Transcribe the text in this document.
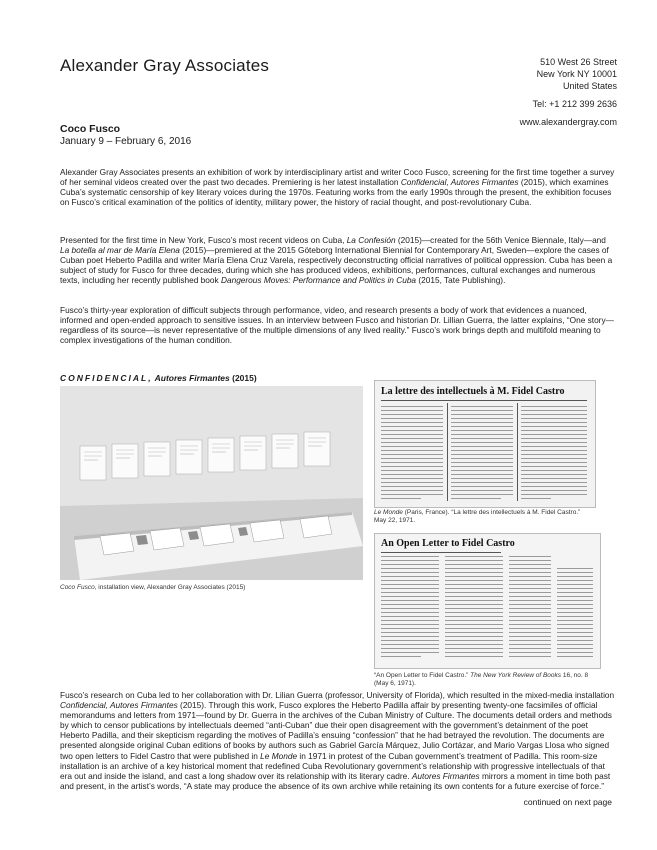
Alexander Gray Associates	510 West 26 Street
New York NY 10001
United States
Tel: +1 212 399 2636
www.alexandergray.com
Coco Fusco
January 9 – February 6, 2016

Alexander Gray Associates presents an exhibition of work by interdisciplinary artist and writer Coco Fusco, screening for the first time together a survey of her seminal videos created over the past two decades. Premiering is her latest installation Confidencial, Autores Firmantes (2015), which examines Cuba’s systematic censorship of key literary voices during the 1970s. Featuring works from the early 1990s through the present, the exhibition focuses on Fusco’s critical examination of the politics of identity, military power, the history of racial thought, and post-revolutionary Cuba.

Presented for the first time in New York, Fusco’s most recent videos on Cuba, La Confesión (2015)—created for the 56th Venice Biennale, Italy—and La botella al mar de María Elena (2015)—premiered at the 2015 Göteborg International Biennial for Contemporary Art, Sweden—explore the cases of Cuban poet Heberto Padilla and writer María Elena Cruz Varela, respectively deconstructing official narratives of political oppression. Cuba has been a subject of study for Fusco for three decades, during which she has produced videos, exhibitions, performances, cultural exchanges and numerous texts, including her recently published book Dangerous Moves: Performance and Politics in Cuba (2015, Tate Publishing).

Fusco’s thirty-year exploration of difficult subjects through performance, video, and research presents a body of work that evidences a nuanced, informed and open-ended approach to sensitive issues. In an interview between Fusco and historian Dr. Lillian Guerra, the latter explains, “One story—regardless of its source—is never representative of the multiple dimensions of any lived reality.” Fusco’s work brings depth and multifold meaning to complex investigations of the human condition.

CONFIDENCIAL, Autores Firmantes (2015)
Coco Fusco, installation view, Alexander Gray Associates (2015)
La lettre des intellectuels à M. Fidel Castro
Le Monde (Paris, France). “La lettre des intellectuels à M. Fidel Castro.” May 22, 1971.
An Open Letter to Fidel Castro
“An Open Letter to Fidel Castro.” The New York Review of Books 16, no. 8 (May 6, 1971).

Fusco’s research on Cuba led to her collaboration with Dr. Lilian Guerra (professor, University of Florida), which resulted in the mixed-media installation Confidencial, Autores Firmantes (2015). Through this work, Fusco explores the Heberto Padilla affair by presenting twenty-one facsimiles of official memorandums and letters from 1971—found by Dr. Guerra in the archives of the Cuban Ministry of Culture. The documents detail orders and methods by which to censor publications by intellectuals deemed “anti-Cuban” due their open disagreement with the government’s detainment of the poet Heberto Padilla, and their skepticism regarding the motives of Padilla’s ensuing “confession” that he had betrayed the revolution. The documents are presented alongside original Cuban editions of books by authors such as Gabriel García Márquez, Julio Cortázar, and Mario Vargas Llosa who signed two open letters to Fidel Castro that were published in Le Monde in 1971 in protest of the Cuban government’s treatment of Padilla. This room-size installation is an archive of a key historical moment that redefined Cuba Revolutionary government’s relationship with progressive intellectuals of that era out and inside the island, and cast a long shadow over its relationship with its literary cadre. Autores Firmantes mirrors a moment in time both past and present, in the artist’s words, “A state may produce the absence of its own archive while retaining its own contents for a future exercise of force.”

continued on next page
